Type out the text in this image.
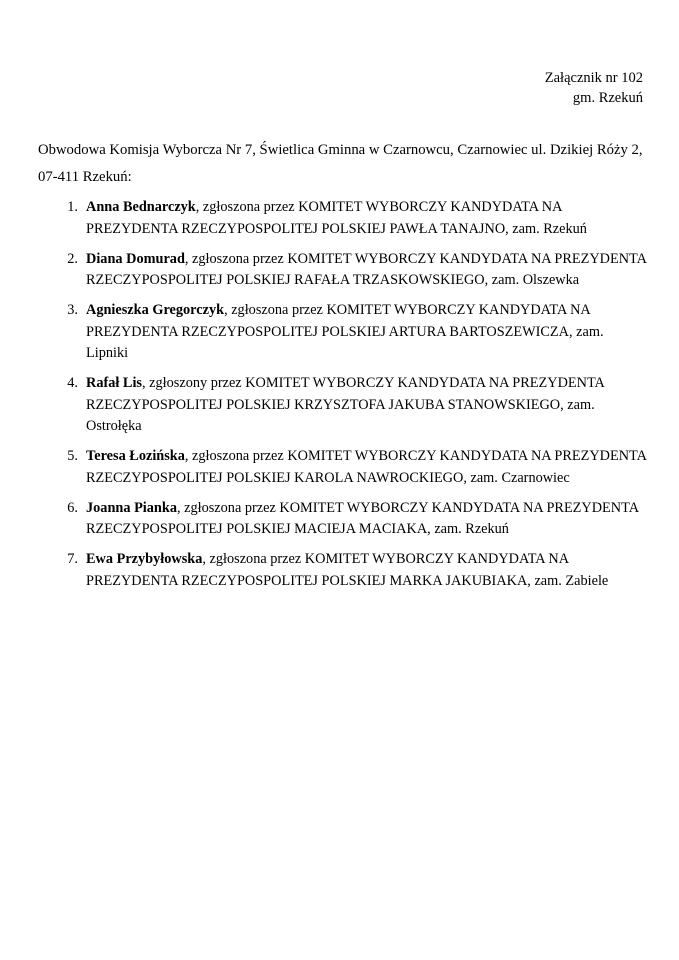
Załącznik nr 102
gm. Rzekuń

Obwodowa Komisja Wyborcza Nr 7, Świetlica Gminna w Czarnowcu, Czarnowiec ul. Dzikiej Róży 2, 07-411 Rzekuń:

1. Anna Bednarczyk, zgłoszona przez KOMITET WYBORCZY KANDYDATA NA PREZYDENTA RZECZYPOSPOLITEJ POLSKIEJ PAWŁA TANAJNO, zam. Rzekuń
2. Diana Domurad, zgłoszona przez KOMITET WYBORCZY KANDYDATA NA PREZYDENTA RZECZYPOSPOLITEJ POLSKIEJ RAFAŁA TRZASKOWSKIEGO, zam. Olszewka
3. Agnieszka Gregorczyk, zgłoszona przez KOMITET WYBORCZY KANDYDATA NA PREZYDENTA RZECZYPOSPOLITEJ POLSKIEJ ARTURA BARTOSZEWICZA, zam. Lipniki
4. Rafał Lis, zgłoszony przez KOMITET WYBORCZY KANDYDATA NA PREZYDENTA RZECZYPOSPOLITEJ POLSKIEJ KRZYSZTOFA JAKUBA STANOWSKIEGO, zam. Ostrołęka
5. Teresa Łozińska, zgłoszona przez KOMITET WYBORCZY KANDYDATA NA PREZYDENTA RZECZYPOSPOLITEJ POLSKIEJ KAROLA NAWROCKIEGO, zam. Czarnowiec
6. Joanna Pianka, zgłoszona przez KOMITET WYBORCZY KANDYDATA NA PREZYDENTA RZECZYPOSPOLITEJ POLSKIEJ MACIEJA MACIAKA, zam. Rzekuń
7. Ewa Przybyłowska, zgłoszona przez KOMITET WYBORCZY KANDYDATA NA PREZYDENTA RZECZYPOSPOLITEJ POLSKIEJ MARKA JAKUBIAKA, zam. Zabiele
